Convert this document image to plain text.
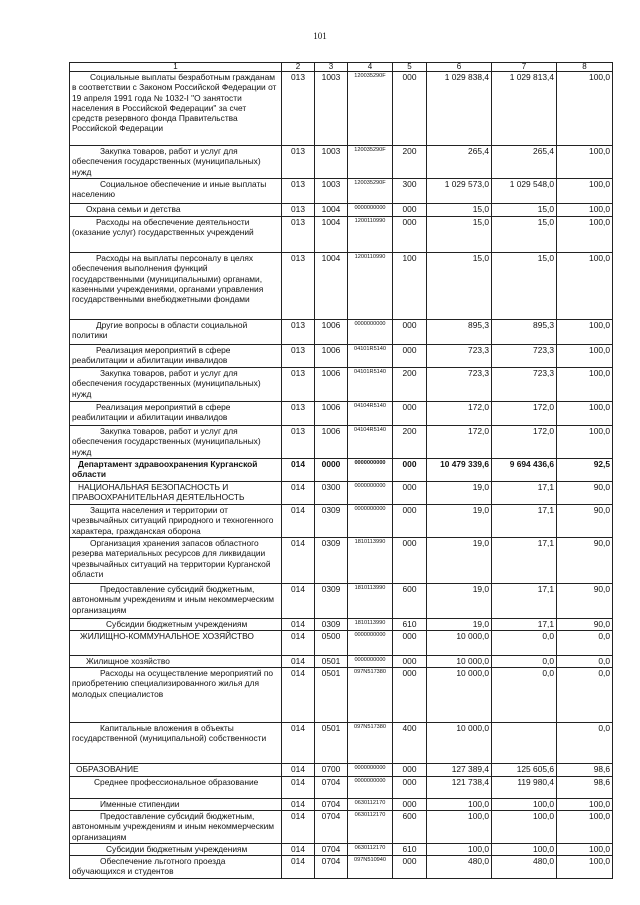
101
1	2	3	4	5	6	7	8
Социальные выплаты безработным гражданам в соответствии с Законом Российской Федерации от 19 апреля 1991 года № 1032-I "О занятости населения в Российской Федерации" за счет средств резервного фонда Правительства Российской Федерации	013	1003	120035290F	000	1 029 838,4	1 029 813,4	100,0
Закупка товаров, работ и услуг для обеспечения государственных (муниципальных) нужд	013	1003	120035290F	200	265,4	265,4	100,0
Социальное обеспечение и иные выплаты населению	013	1003	120035290F	300	1 029 573,0	1 029 548,0	100,0
Охрана семьи и детства	013	1004	0000000000	000	15,0	15,0	100,0
Расходы на обеспечение деятельности (оказание услуг) государственных учреждений	013	1004	1200110990	000	15,0	15,0	100,0
Расходы на выплаты персоналу в целях обеспечения выполнения функций государственными (муниципальными) органами, казенными учреждениями, органами управления государственными внебюджетными фондами	013	1004	1200110990	100	15,0	15,0	100,0
Другие вопросы в области социальной политики	013	1006	0000000000	000	895,3	895,3	100,0
Реализация мероприятий в сфере реабилитации и абилитации инвалидов	013	1006	04101R5140	000	723,3	723,3	100,0
Закупка товаров, работ и услуг для обеспечения государственных (муниципальных) нужд	013	1006	04101R5140	200	723,3	723,3	100,0
Реализация мероприятий в сфере реабилитации и абилитации инвалидов	013	1006	04104R5140	000	172,0	172,0	100,0
Закупка товаров, работ и услуг для обеспечения государственных (муниципальных) нужд	013	1006	04104R5140	200	172,0	172,0	100,0
Департамент здравоохранения Курганской области	014	0000	0000000000	000	10 479 339,6	9 694 436,6	92,5
НАЦИОНАЛЬНАЯ БЕЗОПАСНОСТЬ И ПРАВООХРАНИТЕЛЬНАЯ ДЕЯТЕЛЬНОСТЬ	014	0300	0000000000	000	19,0	17,1	90,0
Защита населения и территории от чрезвычайных ситуаций природного и техногенного характера, гражданская оборона	014	0309	0000000000	000	19,0	17,1	90,0
Организация хранения запасов областного резерва материальных ресурсов для ликвидации чрезвычайных ситуаций на территории Курганской области	014	0309	1810113990	000	19,0	17,1	90,0
Предоставление субсидий бюджетным, автономным учреждениям и иным некоммерческим организациям	014	0309	1810113990	600	19,0	17,1	90,0
Субсидии бюджетным учреждениям	014	0309	1810113990	610	19,0	17,1	90,0
ЖИЛИЩНО-КОММУНАЛЬНОЕ ХОЗЯЙСТВО	014	0500	0000000000	000	10 000,0	0,0	0,0
Жилищное хозяйство	014	0501	0000000000	000	10 000,0	0,0	0,0
Расходы на осуществление мероприятий по приобретению специализированного жилья для молодых специалистов	014	0501	097N517380	000	10 000,0	0,0	0,0
Капитальные вложения в объекты государственной (муниципальной) собственности	014	0501	097N517380	400	10 000,0		0,0
ОБРАЗОВАНИЕ	014	0700	0000000000	000	127 389,4	125 605,6	98,6
Среднее профессиональное образование	014	0704	0000000000	000	121 738,4	119 980,4	98,6
Именные стипендии	014	0704	0630112170	000	100,0	100,0	100,0
Предоставление субсидий бюджетным, автономным учреждениям и иным некоммерческим организациям	014	0704	0630112170	600	100,0	100,0	100,0
Субсидии бюджетным учреждениям	014	0704	0630112170	610	100,0	100,0	100,0
Обеспечение льготного проезда обучающихся и студентов	014	0704	097N510940	000	480,0	480,0	100,0
